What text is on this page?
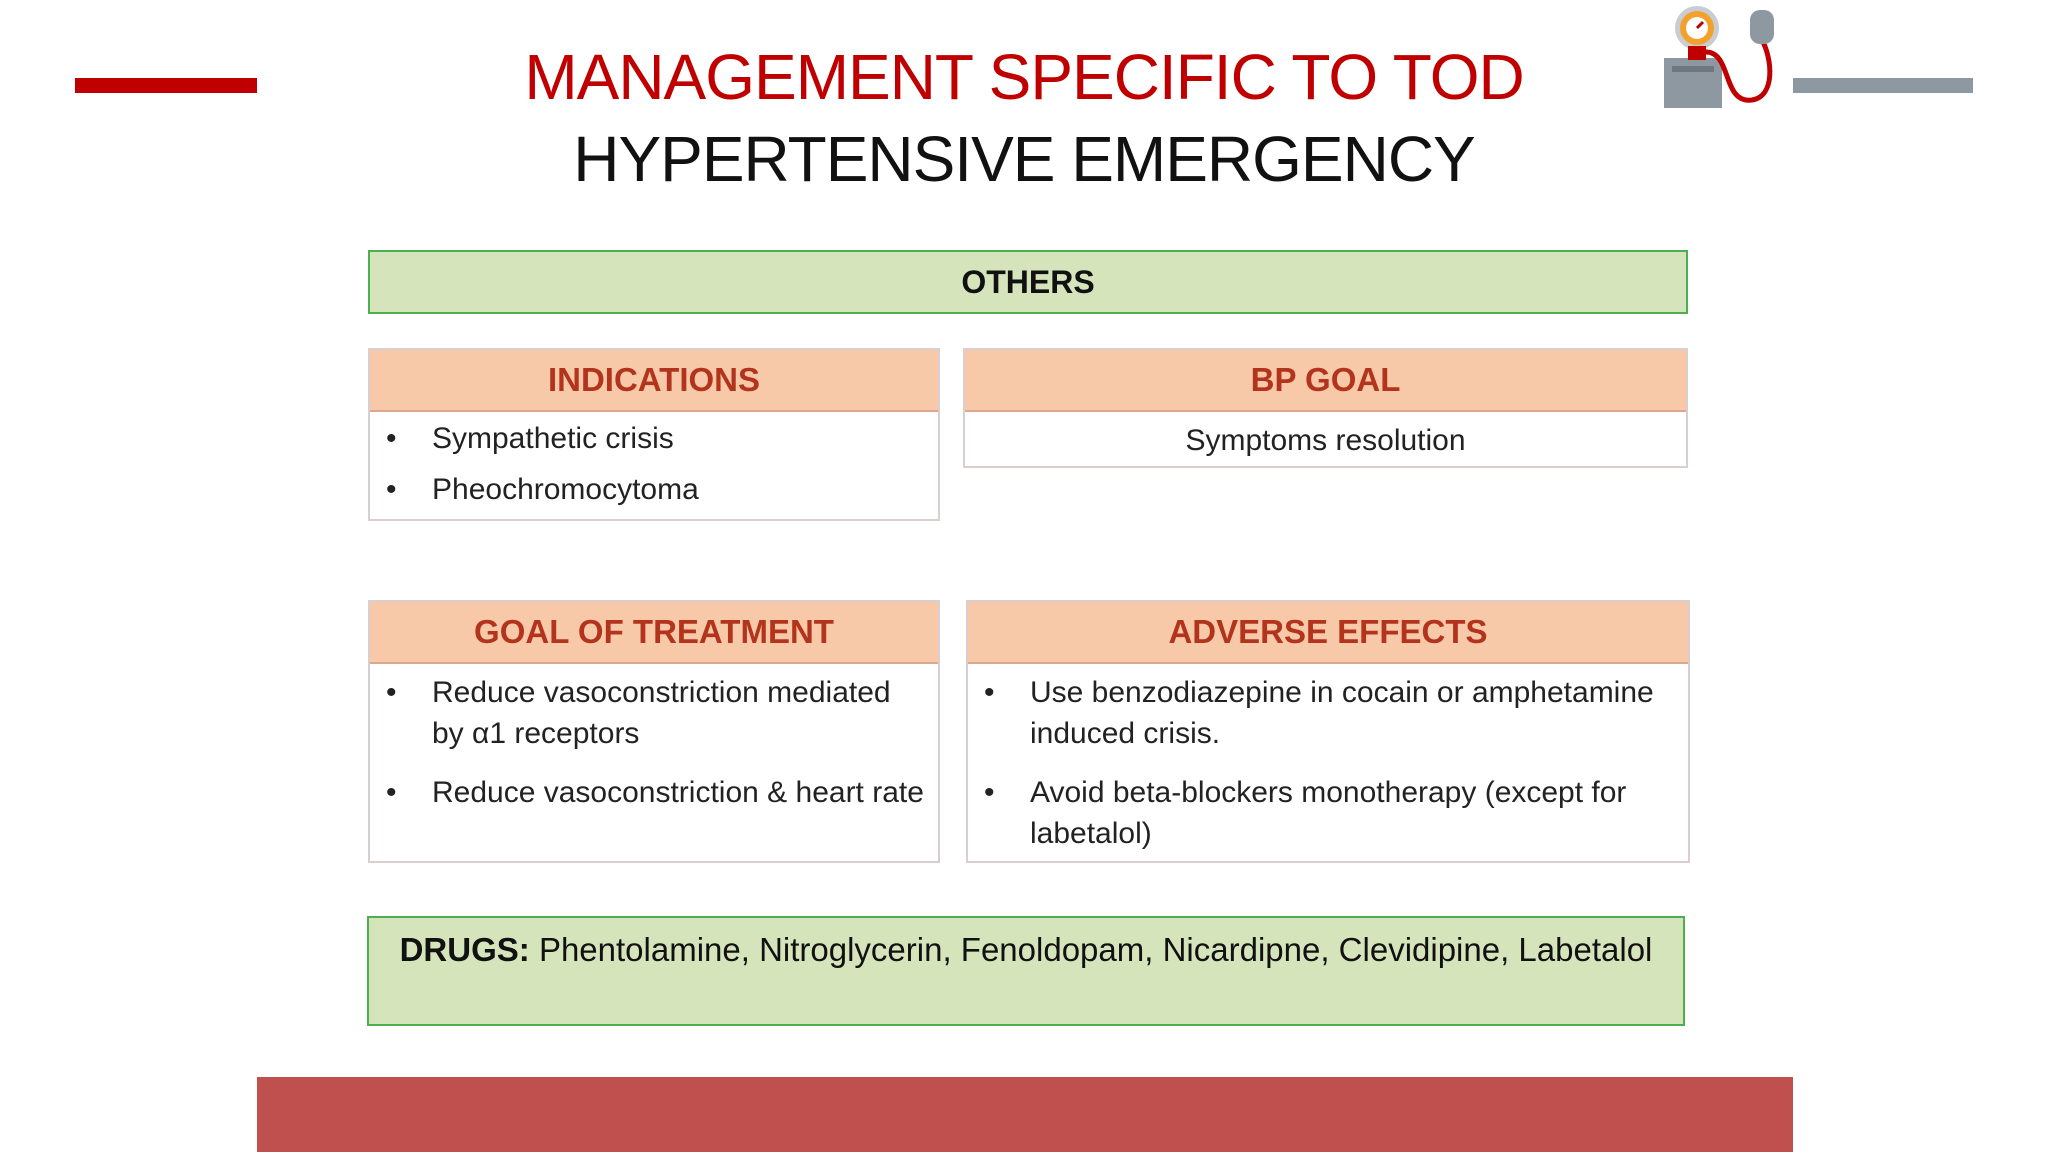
MANAGEMENT SPECIFIC TO TOD
HYPERTENSIVE EMERGENCY
OTHERS
INDICATIONS
• Sympathetic crisis
• Pheochromocytoma
BP GOAL
Symptoms resolution
GOAL OF TREATMENT
• Reduce vasoconstriction mediated by α1 receptors
• Reduce vasoconstriction & heart rate
ADVERSE EFFECTS
• Use benzodiazepine in cocain or amphetamine induced crisis.
• Avoid beta-blockers monotherapy (except for labetalol)
DRUGS: Phentolamine, Nitroglycerin, Fenoldopam, Nicardipne, Clevidipine, Labetalol
